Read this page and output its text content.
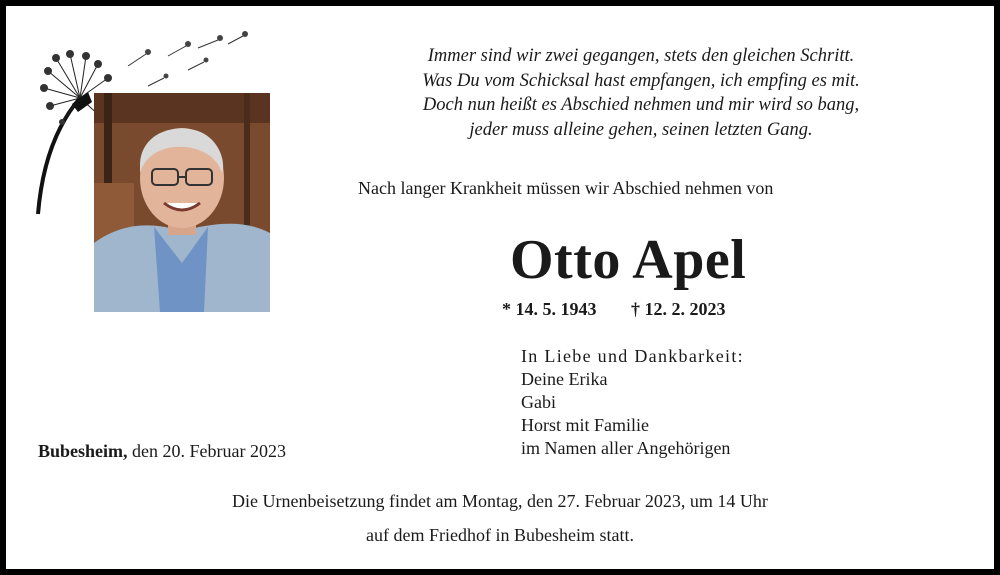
Immer sind wir zwei gegangen, stets den gleichen Schritt.
Was Du vom Schicksal hast empfangen, ich empfing es mit.
Doch nun heißt es Abschied nehmen und mir wird so bang,
jeder muss alleine gehen, seinen letzten Gang.
Nach langer Krankheit müssen wir Abschied nehmen von
Otto Apel
* 14. 5. 1943 † 12. 2. 2023
In Liebe und Dankbarkeit:
Deine Erika
Gabi
Horst mit Familie
im Namen aller Angehörigen
Bubesheim, den 20. Februar 2023
Die Urnenbeisetzung findet am Montag, den 27. Februar 2023, um 14 Uhr
auf dem Friedhof in Bubesheim statt.
